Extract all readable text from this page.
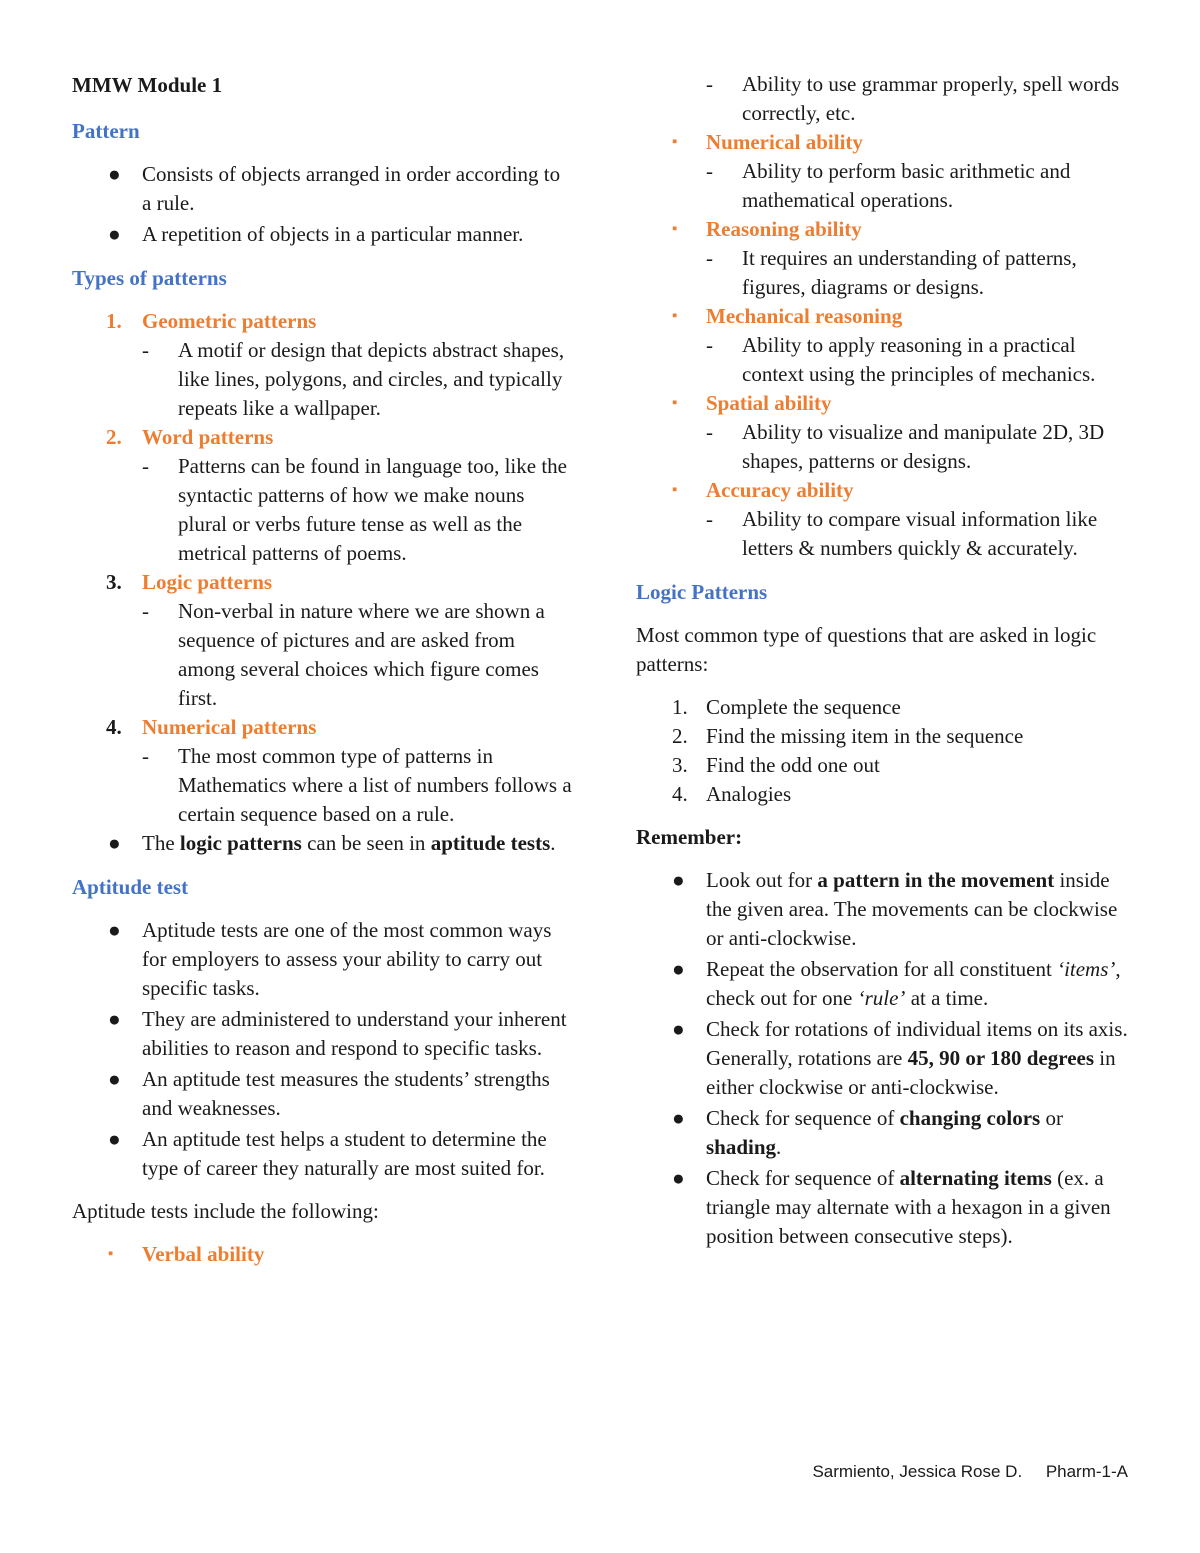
MMW Module 1
Pattern
● Consists of objects arranged in order according to a rule.
● A repetition of objects in a particular manner.
Types of patterns
1. Geometric patterns
- A motif or design that depicts abstract shapes, like lines, polygons, and circles, and typically repeats like a wallpaper.
2. Word patterns
- Patterns can be found in language too, like the syntactic patterns of how we make nouns plural or verbs future tense as well as the metrical patterns of poems.
3. Logic patterns
- Non-verbal in nature where we are shown a sequence of pictures and are asked from among several choices which figure comes first.
4. Numerical patterns
- The most common type of patterns in Mathematics where a list of numbers follows a certain sequence based on a rule.
● The logic patterns can be seen in aptitude tests.
Aptitude test
● Aptitude tests are one of the most common ways for employers to assess your ability to carry out specific tasks.
● They are administered to understand your inherent abilities to reason and respond to specific tasks.
● An aptitude test measures the students’ strengths and weaknesses.
● An aptitude test helps a student to determine the type of career they naturally are most suited for.
Aptitude tests include the following:
▪ Verbal ability
- Ability to use grammar properly, spell words correctly, etc.
▪ Numerical ability
- Ability to perform basic arithmetic and mathematical operations.
▪ Reasoning ability
- It requires an understanding of patterns, figures, diagrams or designs.
▪ Mechanical reasoning
- Ability to apply reasoning in a practical context using the principles of mechanics.
▪ Spatial ability
- Ability to visualize and manipulate 2D, 3D shapes, patterns or designs.
▪ Accuracy ability
- Ability to compare visual information like letters & numbers quickly & accurately.
Logic Patterns
Most common type of questions that are asked in logic patterns:
1. Complete the sequence
2. Find the missing item in the sequence
3. Find the odd one out
4. Analogies
Remember:
● Look out for a pattern in the movement inside the given area. The movements can be clockwise or anti-clockwise.
● Repeat the observation for all constituent ‘items’, check out for one ‘rule’ at a time.
● Check for rotations of individual items on its axis. Generally, rotations are 45, 90 or 180 degrees in either clockwise or anti-clockwise.
● Check for sequence of changing colors or shading.
● Check for sequence of alternating items (ex. a triangle may alternate with a hexagon in a given position between consecutive steps).
Sarmiento, Jessica Rose D. Pharm-1-A
